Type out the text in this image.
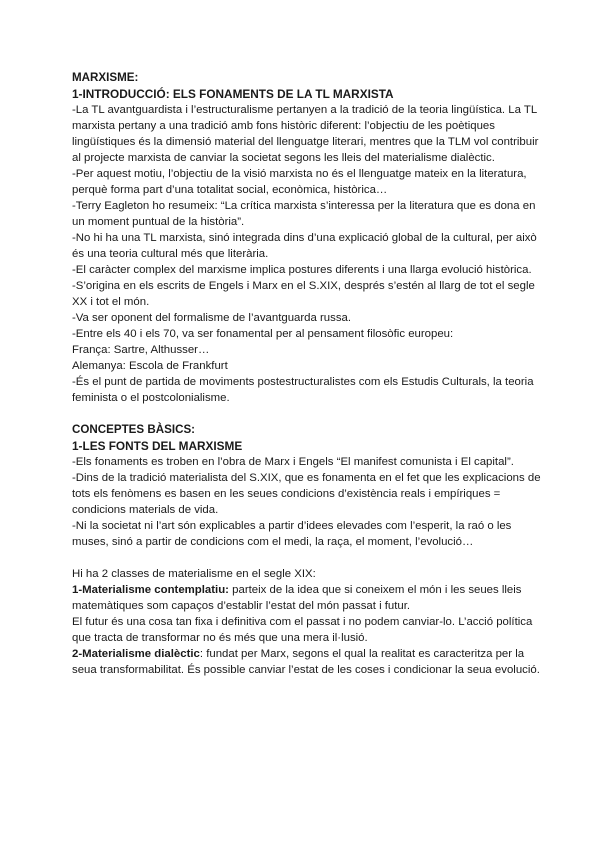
MARXISME:

1-INTRODUCCIÓ: ELS FONAMENTS DE LA TL MARXISTA

-La TL avantguardista i l’estructuralisme pertanyen a la tradició de la teoria lingüística. La TL marxista pertany a una tradició amb fons històric diferent: l’objectiu de les poètiques lingüístiques és la dimensió material del llenguatge literari, mentres que la TLM vol contribuir al projecte marxista de canviar la societat segons les lleis del materialisme dialèctic.

-Per aquest motiu, l’objectiu de la visió marxista no és el llenguatge mateix en la literatura, perquè forma part d’una totalitat social, econòmica, històrica…

-Terry Eagleton ho resumeix: “La crítica marxista s’interessa per la literatura que es dona en un moment puntual de la història”.

-No hi ha una TL marxista, sinó integrada dins d’una explicació global de la cultural, per això és una teoria cultural més que literària.

-El caràcter complex del marxisme implica postures diferents i una llarga evolució històrica.

-S’origina en els escrits de Engels i Marx en el S.XIX, després s’estén al llarg de tot el segle XX i tot el món.

-Va ser oponent del formalisme de l’avantguarda russa.

-Entre els 40 i els 70, va ser fonamental per al pensament filosòfic europeu:

França: Sartre, Althusser…

Alemanya: Escola de Frankfurt

-És el punt de partida de moviments postestructuralistes com els Estudis Culturals, la teoria feminista o el postcolonialisme.

CONCEPTES BÀSICS:

1-LES FONTS DEL MARXISME

-Els fonaments es troben en l’obra de Marx i Engels “El manifest comunista i El capital”.

-Dins de la tradició materialista del S.XIX, que es fonamenta en el fet que les explicacions de tots els fenòmens es basen en les seues condicions d’existència reals i empíriques = condicions materials de vida.

-Ni la societat ni l’art són explicables a partir d’idees elevades com l’esperit, la raó o les muses, sinó a partir de condicions com el medi, la raça, el moment, l’evolució…

Hi ha 2 classes de materialisme en el segle XIX:

1-Materialisme contemplatiu: parteix de la idea que si coneixem el món i les seues lleis matemàtiques som capaços d’establir l’estat del món passat i futur.

El futur és una cosa tan fixa i definitiva com el passat i no podem canviar-lo. L’acció política que tracta de transformar no és més que una mera il·lusió.

2-Materialisme dialèctic: fundat per Marx, segons el qual la realitat es caracteritza per la seua transformabilitat. És possible canviar l’estat de les coses i condicionar la seua evolució.
